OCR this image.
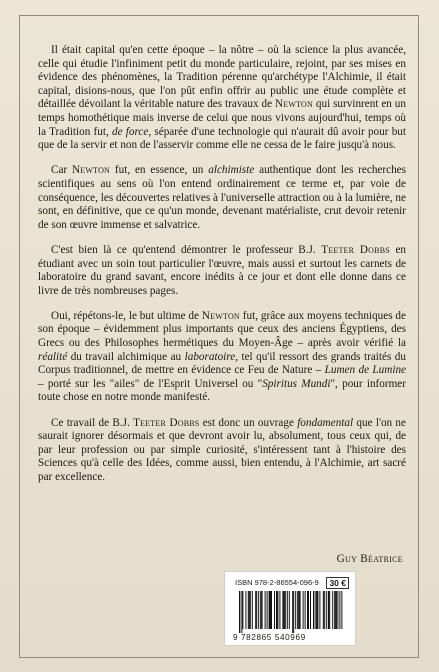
Il était capital qu'en cette époque – la nôtre – où la science la plus avancée, celle qui étudie l'infiniment petit du monde particulaire, rejoint, par ses mises en évidence des phénomènes, la Tradition pérenne qu'archétype l'Alchimie, il était capital, disions-nous, que l'on pût enfin offrir au public une étude complète et détaillée dévoilant la véritable nature des travaux de Newton qui survinrent en un temps homothétique mais inverse de celui que nous vivons aujourd'hui, temps où la Tradition fut, de force, séparée d'une technologie qui n'aurait dû avoir pour but que de la servir et non de l'asservir comme elle ne cessa de le faire jusqu'à nous.

Car Newton fut, en essence, un alchimiste authentique dont les recherches scientifiques au sens où l'on entend ordinairement ce terme et, par voie de conséquence, les découvertes relatives à l'universelle attraction ou à la lumière, ne sont, en définitive, que ce qu'un monde, devenant matérialiste, crut devoir retenir de son œuvre immense et salvatrice.

C'est bien là ce qu'entend démontrer le professeur B.J. Teeter Dobbs en étudiant avec un soin tout particulier l'œuvre, mais aussi et surtout les carnets de laboratoire du grand savant, encore inédits à ce jour et dont elle donne dans ce livre de très nombreuses pages.

Oui, répétons-le, le but ultime de Newton fut, grâce aux moyens techniques de son époque – évidemment plus importants que ceux des anciens Égyptiens, des Grecs ou des Philosophes hermétiques du Moyen-Âge – après avoir vérifié la réalité du travail alchimique au laboratoire, tel qu'il ressort des grands traités du Corpus traditionnel, de mettre en évidence ce Feu de Nature – Lumen de Lumine – porté sur les "ailes" de l'Esprit Universel ou "Spiritus Mundi", pour informer toute chose en notre monde manifesté.

Ce travail de B.J. Teeter Dobbs est donc un ouvrage fondamental que l'on ne saurait ignorer désormais et que devront avoir lu, absolument, tous ceux qui, de par leur profession ou par simple curiosité, s'intéressent tant à l'histoire des Sciences qu'à celle des Idées, comme aussi, bien entendu, à l'Alchimie, art sacré par excellence.

Guy Béatrice
ISBN 978-2-86554-096-9	30 €
9 782865 540969
